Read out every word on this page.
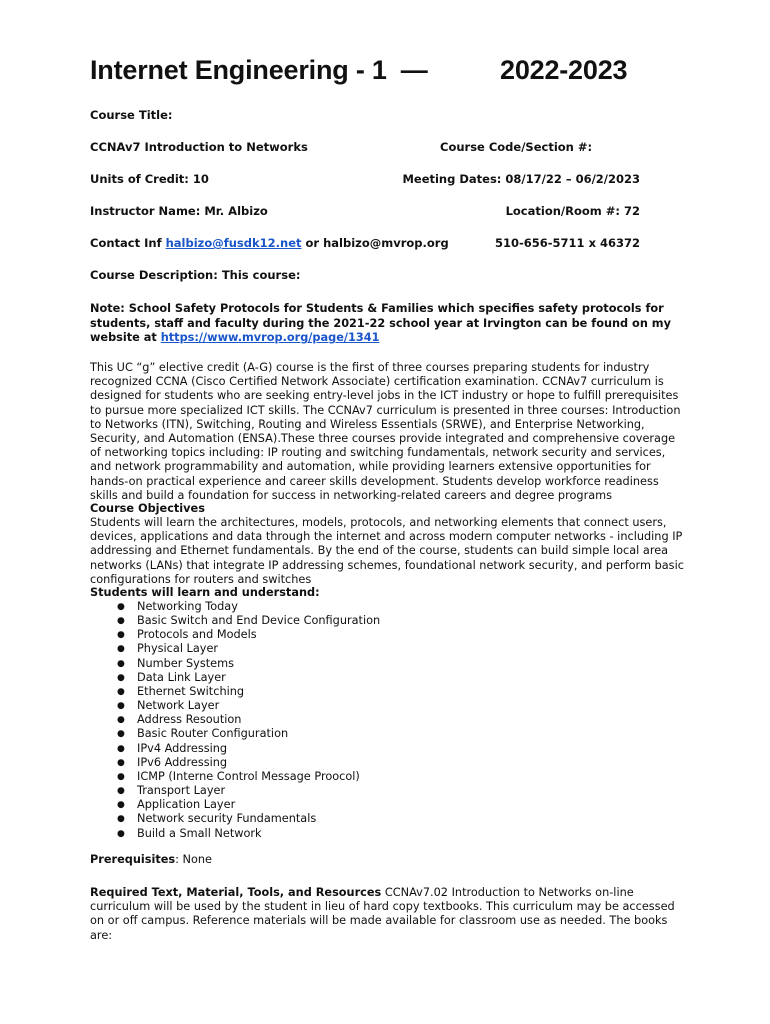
Internet Engineering - 1 —	2022-2023
Course Title:
CCNAv7 Introduction to Networks	Course Code/Section #:
Units of Credit: 10	Meeting Dates: 08/17/22 – 06/2/2023
Instructor Name: Mr. Albizo	Location/Room #: 72
Contact Inf halbizo@fusdk12.net or halbizo@mvrop.org	510-656-5711 x 46372
Course Description: This course:
Note: School Safety Protocols for Students & Families which specifies safety protocols for students, staff and faculty during the 2021-22 school year at Irvington can be found on my website at https://www.mvrop.org/page/1341
This UC “g” elective credit (A-G) course is the first of three courses preparing students for industry recognized CCNA (Cisco Certified Network Associate) certification examination. CCNAv7 curriculum is designed for students who are seeking entry-level jobs in the ICT industry or hope to fulfill prerequisites to pursue more specialized ICT skills. The CCNAv7 curriculum is presented in three courses: Introduction to Networks (ITN), Switching, Routing and Wireless Essentials (SRWE), and Enterprise Networking, Security, and Automation (ENSA).These three courses provide integrated and comprehensive coverage of networking topics including: IP routing and switching fundamentals, network security and services, and network programmability and automation, while providing learners extensive opportunities for hands-on practical experience and career skills development. Students develop workforce readiness skills and build a foundation for success in networking-related careers and degree programs
Course Objectives
Students will learn the architectures, models, protocols, and networking elements that connect users, devices, applications and data through the internet and across modern computer networks - including IP addressing and Ethernet fundamentals. By the end of the course, students can build simple local area networks (LANs) that integrate IP addressing schemes, foundational network security, and perform basic configurations for routers and switches
Students will learn and understand:
● Networking Today
● Basic Switch and End Device Configuration
● Protocols and Models
● Physical Layer
● Number Systems
● Data Link Layer
● Ethernet Switching
● Network Layer
● Address Resoution
● Basic Router Configuration
● IPv4 Addressing
● IPv6 Addressing
● ICMP (Interne Control Message Proocol)
● Transport Layer
● Application Layer
● Network security Fundamentals
● Build a Small Network
Prerequisites: None
Required Text, Material, Tools, and Resources CCNAv7.02 Introduction to Networks on-line curriculum will be used by the student in lieu of hard copy textbooks. This curriculum may be accessed on or off campus. Reference materials will be made available for classroom use as needed. The books are:
